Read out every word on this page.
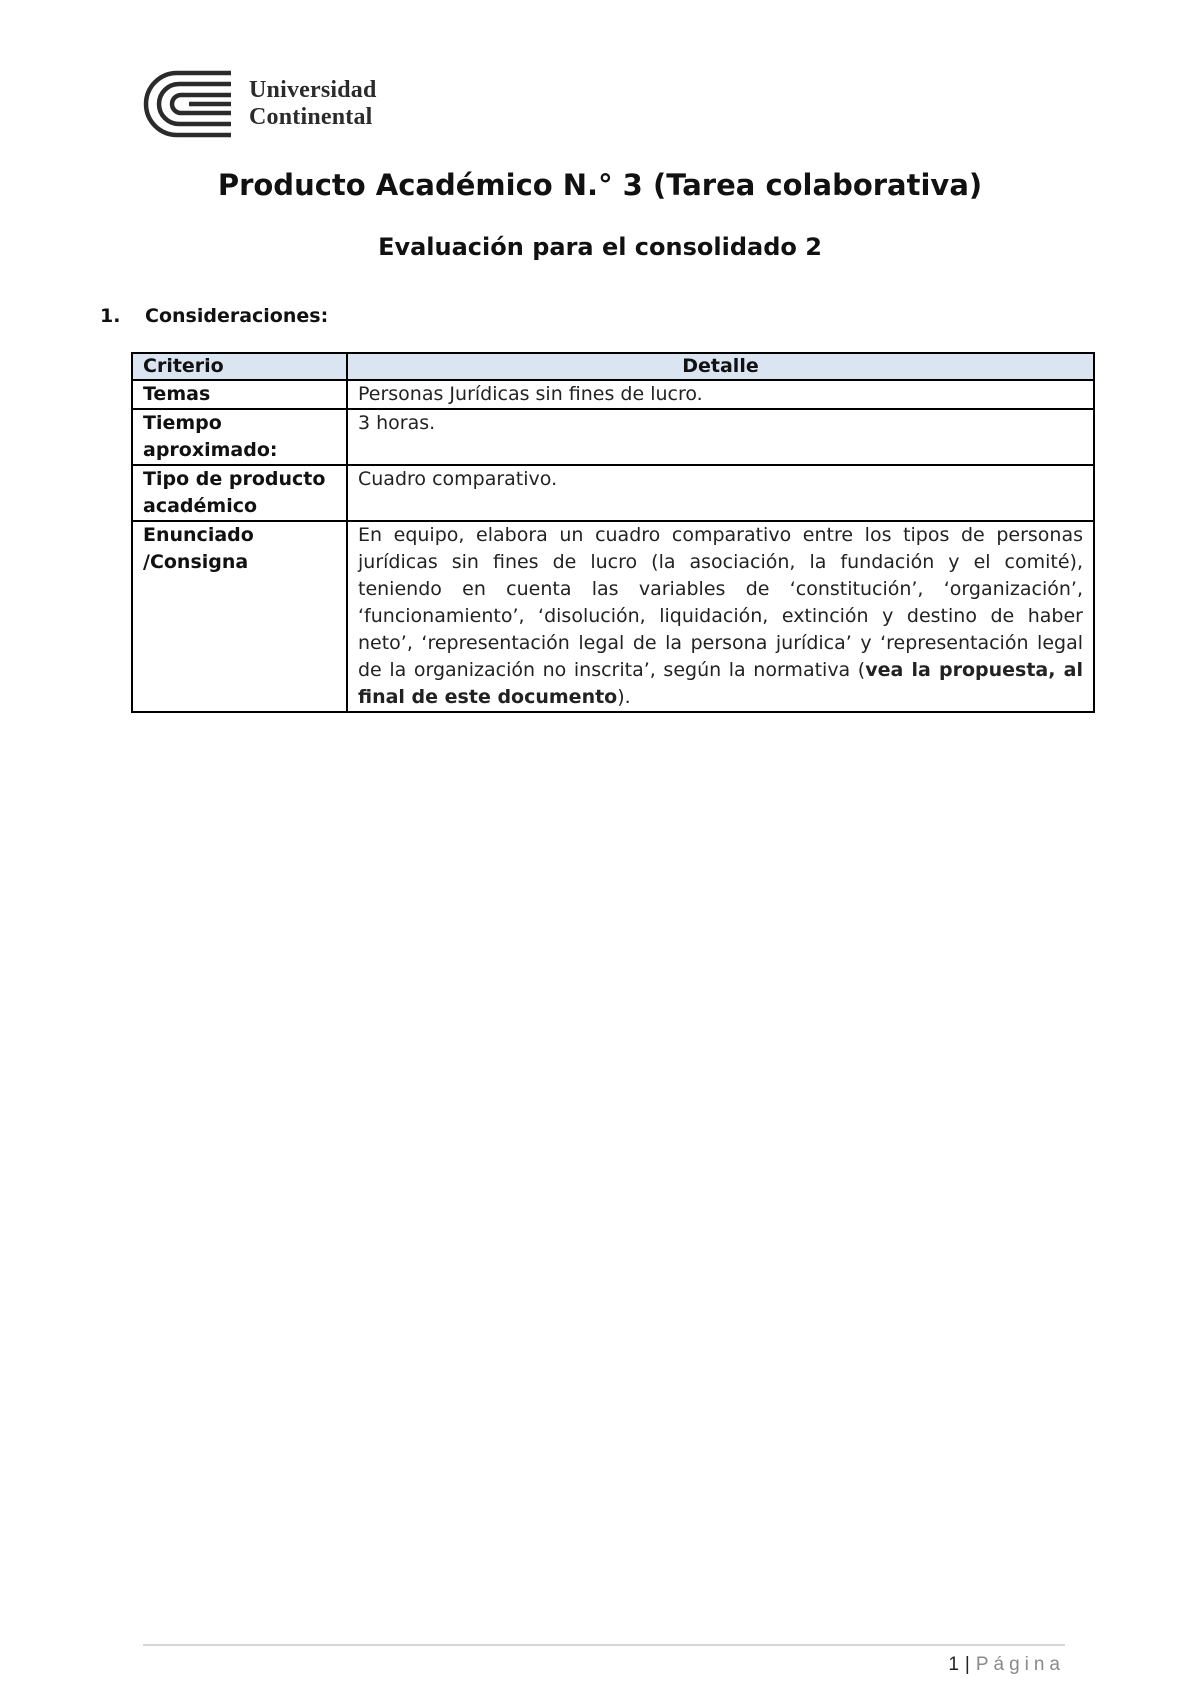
Universidad
Continental
Producto Académico N.° 3 (Tarea colaborativa)
Evaluación para el consolidado 2
1.	Consideraciones:
Criterio	Detalle
Temas	Personas Jurídicas sin fines de lucro.
Tiempo aproximado:	3 horas.
Tipo de producto académico	Cuadro comparativo.
Enunciado /Consigna	En equipo, elabora un cuadro comparativo entre los tipos de personas jurídicas sin fines de lucro (la asociación, la fundación y el comité), teniendo en cuenta las variables de ‘constitución’, ‘organización’, ‘funcionamiento’, ‘disolución, liquidación, extinción y destino de haber neto’, ‘representación legal de la persona jurídica’ y ‘representación legal de la organización no inscrita’, según la normativa (vea la propuesta, al final de este documento).
1 | Página
